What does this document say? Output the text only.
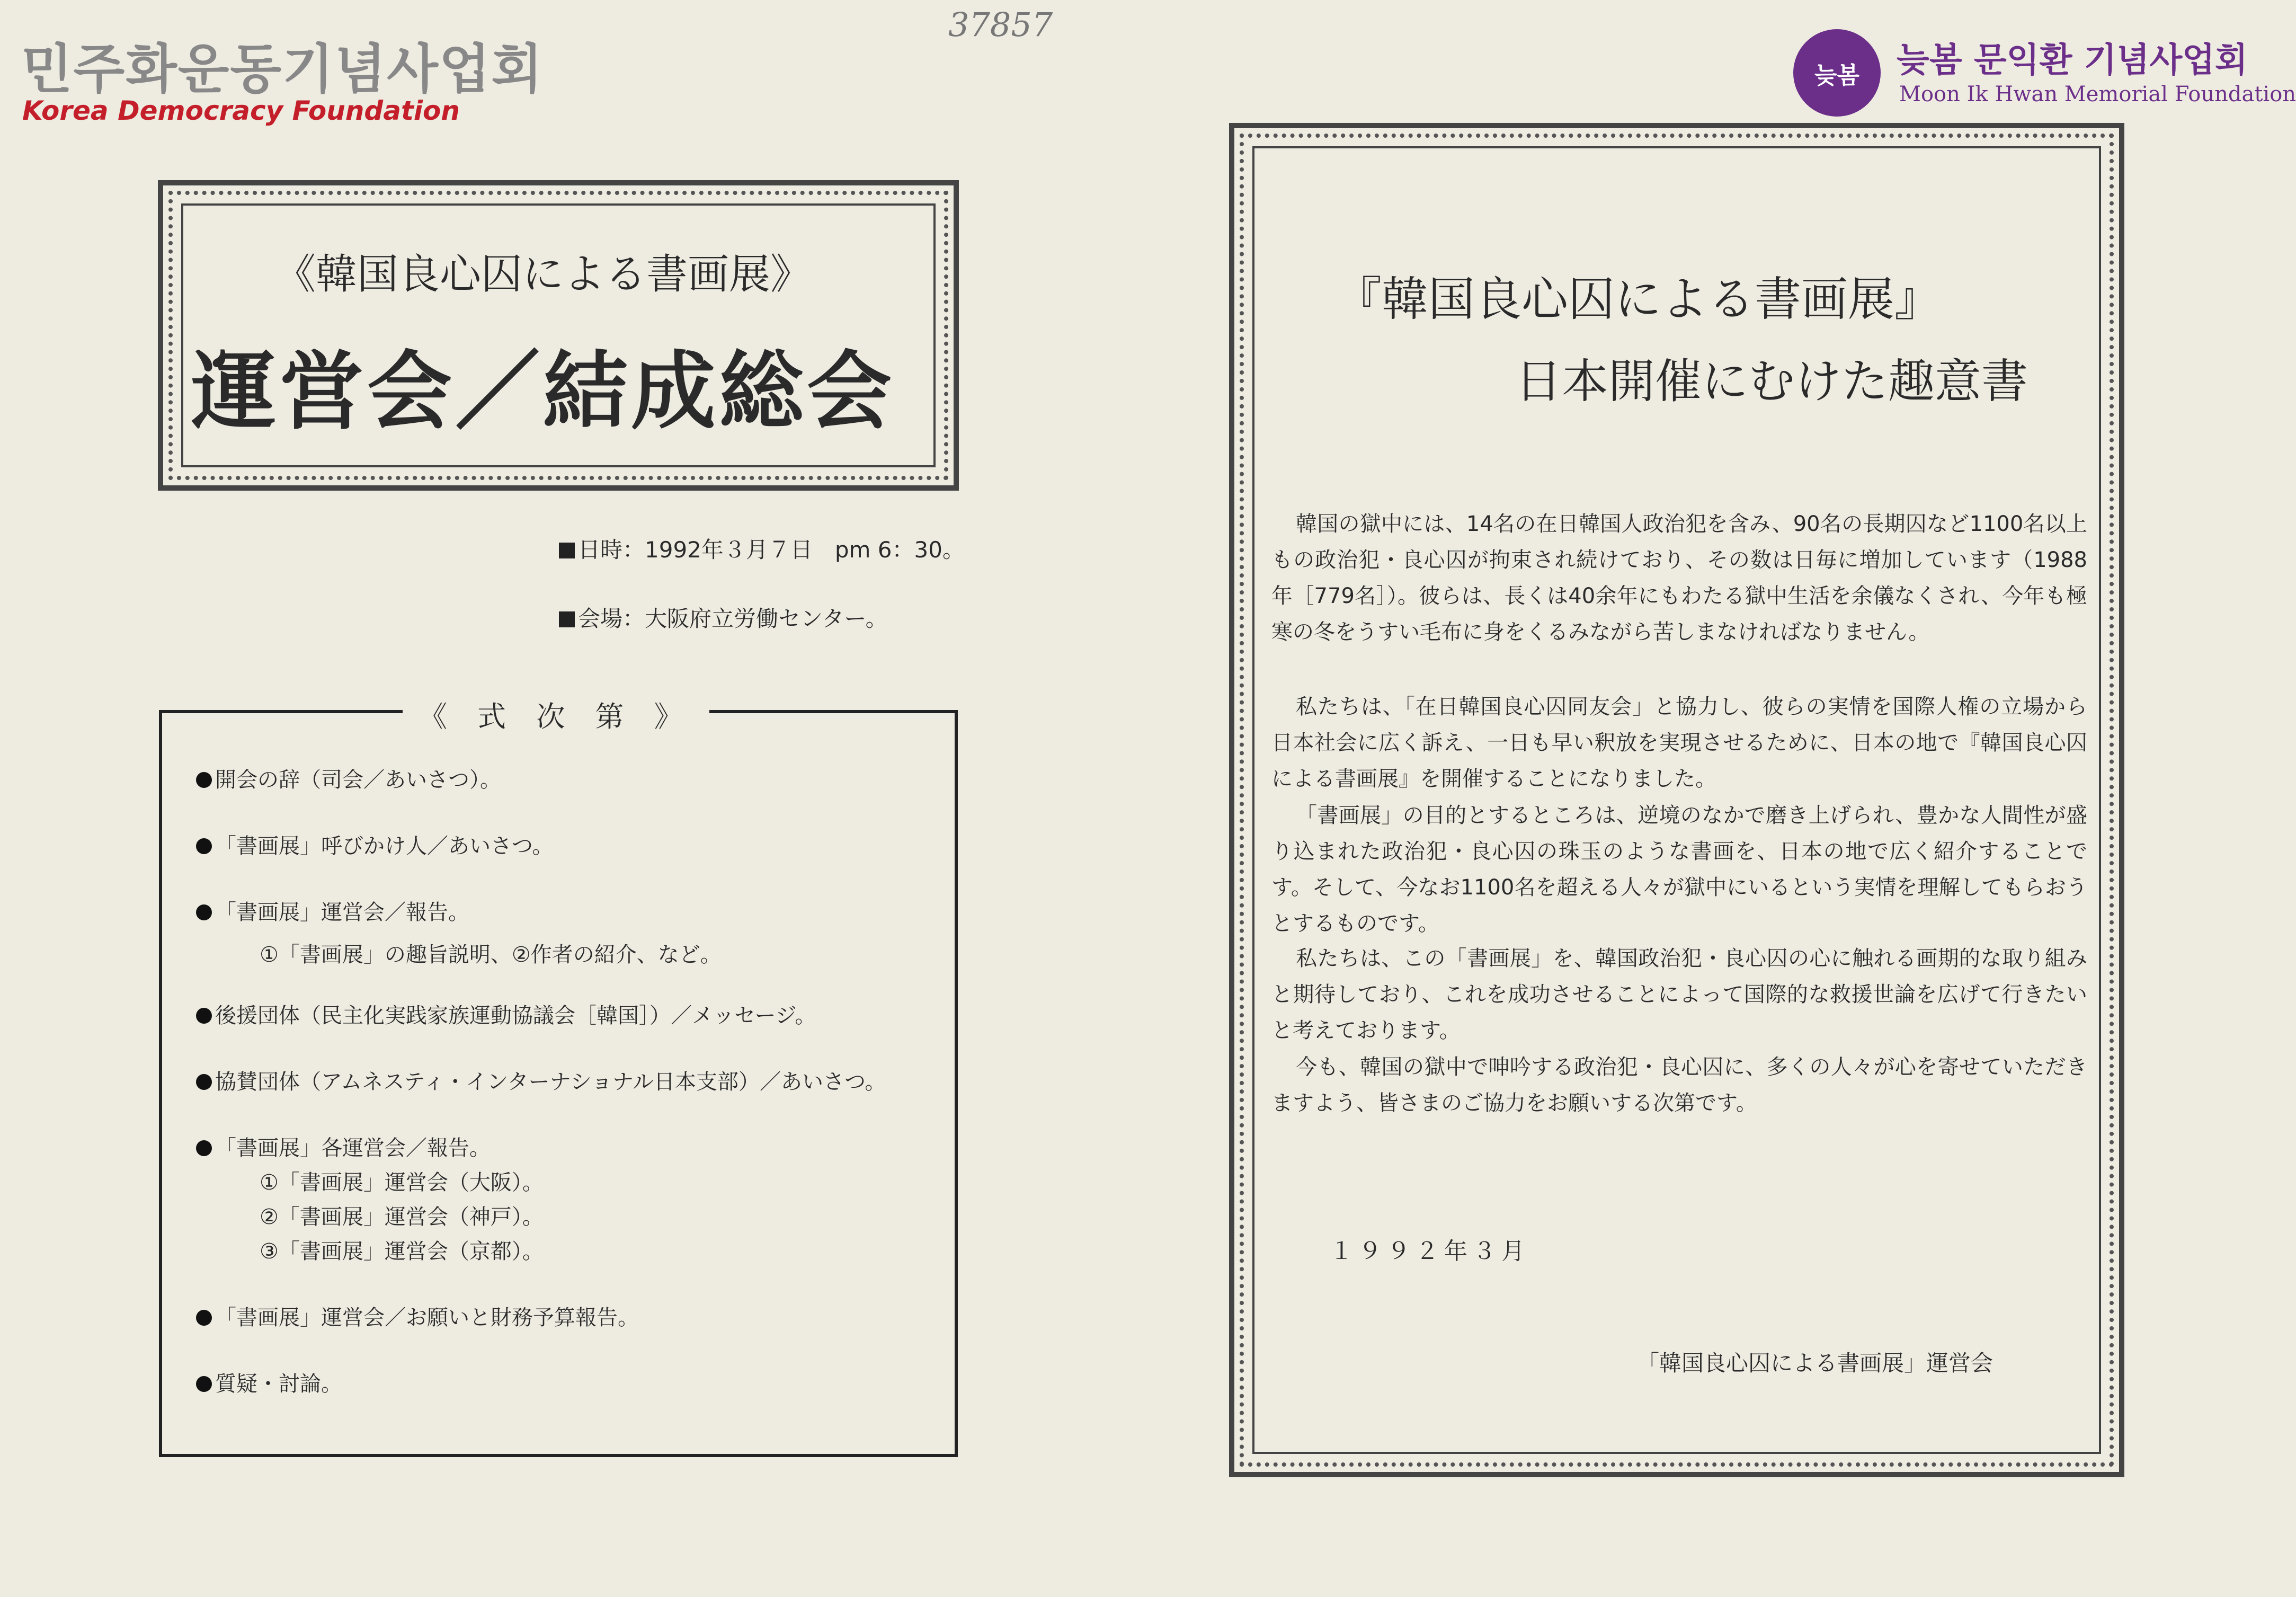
민주화운동기념사업회
Korea Democracy Foundation
37857
늦봄	늦봄 문익환 기념사업회
Moon Ik Hwan Memorial Foundation
《韓国良心囚による書画展》
運営会／結成総会
日時：1992年３月７日　pm 6：30。
会場：大阪府立労働センター。
《 式 次 第 》
開会の辞（司会／あいさつ）。
「書画展」呼びかけ人／あいさつ。
「書画展」運営会／報告。
①「書画展」の趣旨説明、②作者の紹介、など。
後援団体（民主化実践家族運動協議会［韓国］）／メッセージ。
協賛団体（アムネスティ・インターナショナル日本支部）／あいさつ。
「書画展」各運営会／報告。
①「書画展」運営会（大阪）。
②「書画展」運営会（神戸）。
③「書画展」運営会（京都）。
「書画展」運営会／お願いと財務予算報告。
質疑・討論。
『韓国良心囚による書画展』
日本開催にむけた趣意書
韓国の獄中には、14名の在日韓国人政治犯を含み、90名の長期囚など1100名以上もの政治犯・良心囚が拘束され続けており、その数は日毎に増加しています（1988年［779名］）。彼らは、長くは40余年にもわたる獄中生活を余儀なくされ、今年も極寒の冬をうすい毛布に身をくるみながら苦しまなければなりません。
私たちは、「在日韓国良心囚同友会」と協力し、彼らの実情を国際人権の立場から日本社会に広く訴え、一日も早い釈放を実現させるために、日本の地で『韓国良心囚による書画展』を開催することになりました。
「書画展」の目的とするところは、逆境のなかで磨き上げられ、豊かな人間性が盛り込まれた政治犯・良心囚の珠玉のような書画を、日本の地で広く紹介することです。そして、今なお1100名を超える人々が獄中にいるという実情を理解してもらおうとするものです。
私たちは、この「書画展」を、韓国政治犯・良心囚の心に触れる画期的な取り組みと期待しており、これを成功させることによって国際的な救援世論を広げて行きたいと考えております。
今も、韓国の獄中で呻吟する政治犯・良心囚に、多くの人々が心を寄せていただきますよう、皆さまのご協力をお願いする次第です。
１９９２年３月
「韓国良心囚による書画展」運営会
